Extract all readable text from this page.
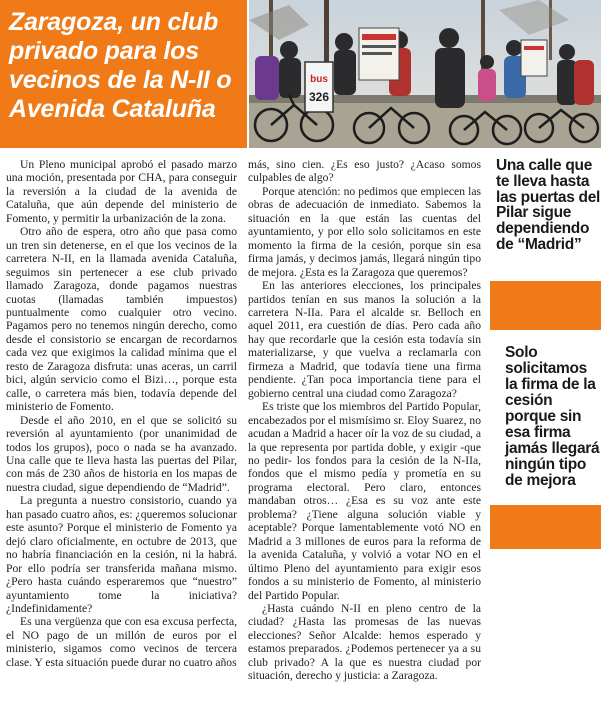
Zaragoza, un club privado para los vecinos de la N-II o Avenida Cataluña
bus
326

Un Pleno municipal aprobó el pasado marzo una moción, presentada por CHA, para conseguir la reversión a la ciudad de la avenida de Cataluña, que aún depende del ministerio de Fomento, y permitir la urbanización de la zona.

Otro año de espera, otro año que pasa como un tren sin detenerse, en el que los vecinos de la carretera N-II, en la llamada avenida Cataluña, seguimos sin pertenecer a ese club privado llamado Zaragoza, donde pagamos nuestras cuotas (llamadas también impuestos) puntualmente como cualquier otro vecino. Pagamos pero no tenemos ningún derecho, como desde el consistorio se encargan de recordarnos cada vez que exigimos la calidad mínima que el resto de Zaragoza disfruta: unas aceras, un carril bici, algún servicio como el Bizi…, porque esta calle, o carretera más bien, todavía depende del ministerio de Fomento.

Desde el año 2010, en el que se solicitó su reversión al ayuntamiento (por unanimidad de todos los grupos), poco o nada se ha avanzado. Una calle que te lleva hasta las puertas del Pilar, con más de 230 años de historia en los mapas de nuestra ciudad, sigue dependiendo de “Madrid”.

La pregunta a nuestro consistorio, cuando ya han pasado cuatro años, es: ¿queremos solucionar este asunto? Porque el ministerio de Fomento ya dejó claro oficialmente, en octubre de 2013, que no habría financiación en la cesión, ni la habrá. Por ello podría ser transferida mañana mismo. ¿Pero hasta cuándo esperaremos que “nuestro” ayuntamiento tome la iniciativa? ¿Indefinidamente?

Es una vergüenza que con esa excusa perfecta, el NO pago de un millón de euros por el ministerio, sigamos como vecinos de tercera clase. Y esta situación puede durar no cuatro años

más, sino cien. ¿Es eso justo? ¿Acaso somos culpables de algo?

Porque atención: no pedimos que empiecen las obras de adecuación de inmediato. Sabemos la situación en la que están las cuentas del ayuntamiento, y por ello solo solicitamos en este momento la firma de la cesión, porque sin esa firma jamás, y decimos jamás, llegará ningún tipo de mejora. ¿Esta es la Zaragoza que queremos?

En las anteriores elecciones, los principales partidos tenían en sus manos la solución a la carretera N-IIa. Para el alcalde sr. Belloch en aquel 2011, era cuestión de días. Pero cada año hay que recordarle que la cesión esta todavía sin materializarse, y que vuelva a reclamarla con firmeza a Madrid, que todavía tiene una firma pendiente. ¿Tan poca importancia tiene para el gobierno central una ciudad como Zaragoza?

Es triste que los miembros del Partido Popular, encabezados por el mismísimo sr. Eloy Suarez, no acudan a Madrid a hacer oír la voz de su ciudad, a la que representa por partida doble, y exigir -que no pedir- los fondos para la cesión de la N-IIa, fondos que el mismo pedía y prometía en su programa electoral. Pero claro, entonces mandaban otros… ¿Esa es su voz ante este problema? ¿Tiene alguna solución viable y aceptable? Porque lamentablemente votó NO en Madrid a 3 millones de euros para la reforma de la avenida Cataluña, y volvió a votar NO en el último Pleno del ayuntamiento para exigir esos fondos a su ministerio de Fomento, al ministerio del Partido Popular.

¿Hasta cuándo N-II en pleno centro de la ciudad? ¿Hasta las promesas de las nuevas elecciones? Señor Alcalde: hemos esperado y estamos preparados. ¿Podemos pertenecer ya a su club privado? A la que es nuestra ciudad por situación, derecho y justicia: a Zaragoza.

Una calle que te lleva hasta las puertas del Pilar sigue dependiendo de “Madrid”
Solo solicitamos la firma de la cesión porque sin esa firma jamás llegará ningún tipo de mejora
